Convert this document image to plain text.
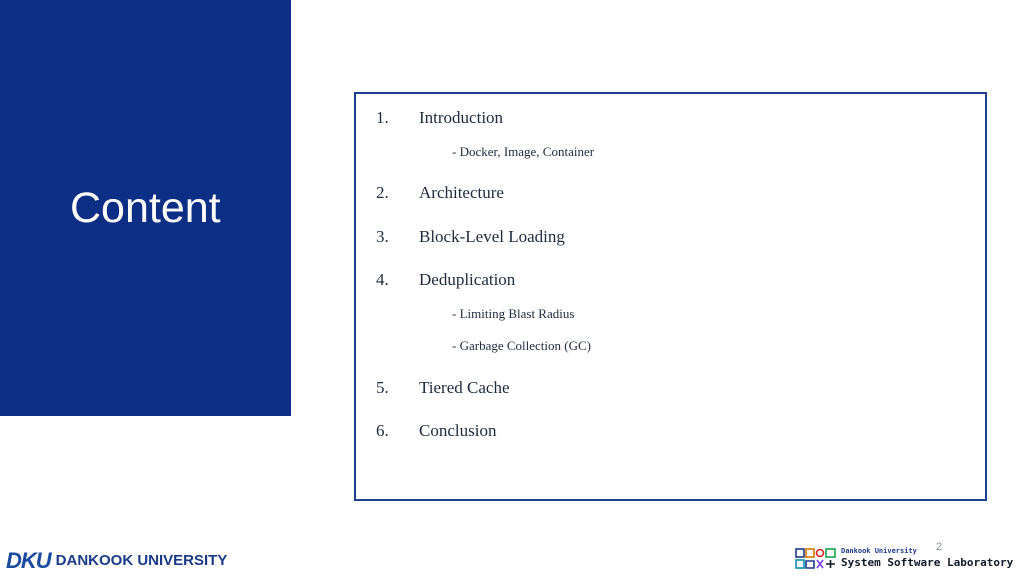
Content
1. Introduction
- Docker, Image, Container
2. Architecture
3. Block-Level Loading
4. Deduplication
- Limiting Blast Radius
- Garbage Collection (GC)
5. Tiered Cache
6. Conclusion
2
DKU DANKOOK UNIVERSITY
Dankook University
System Software Laboratory
